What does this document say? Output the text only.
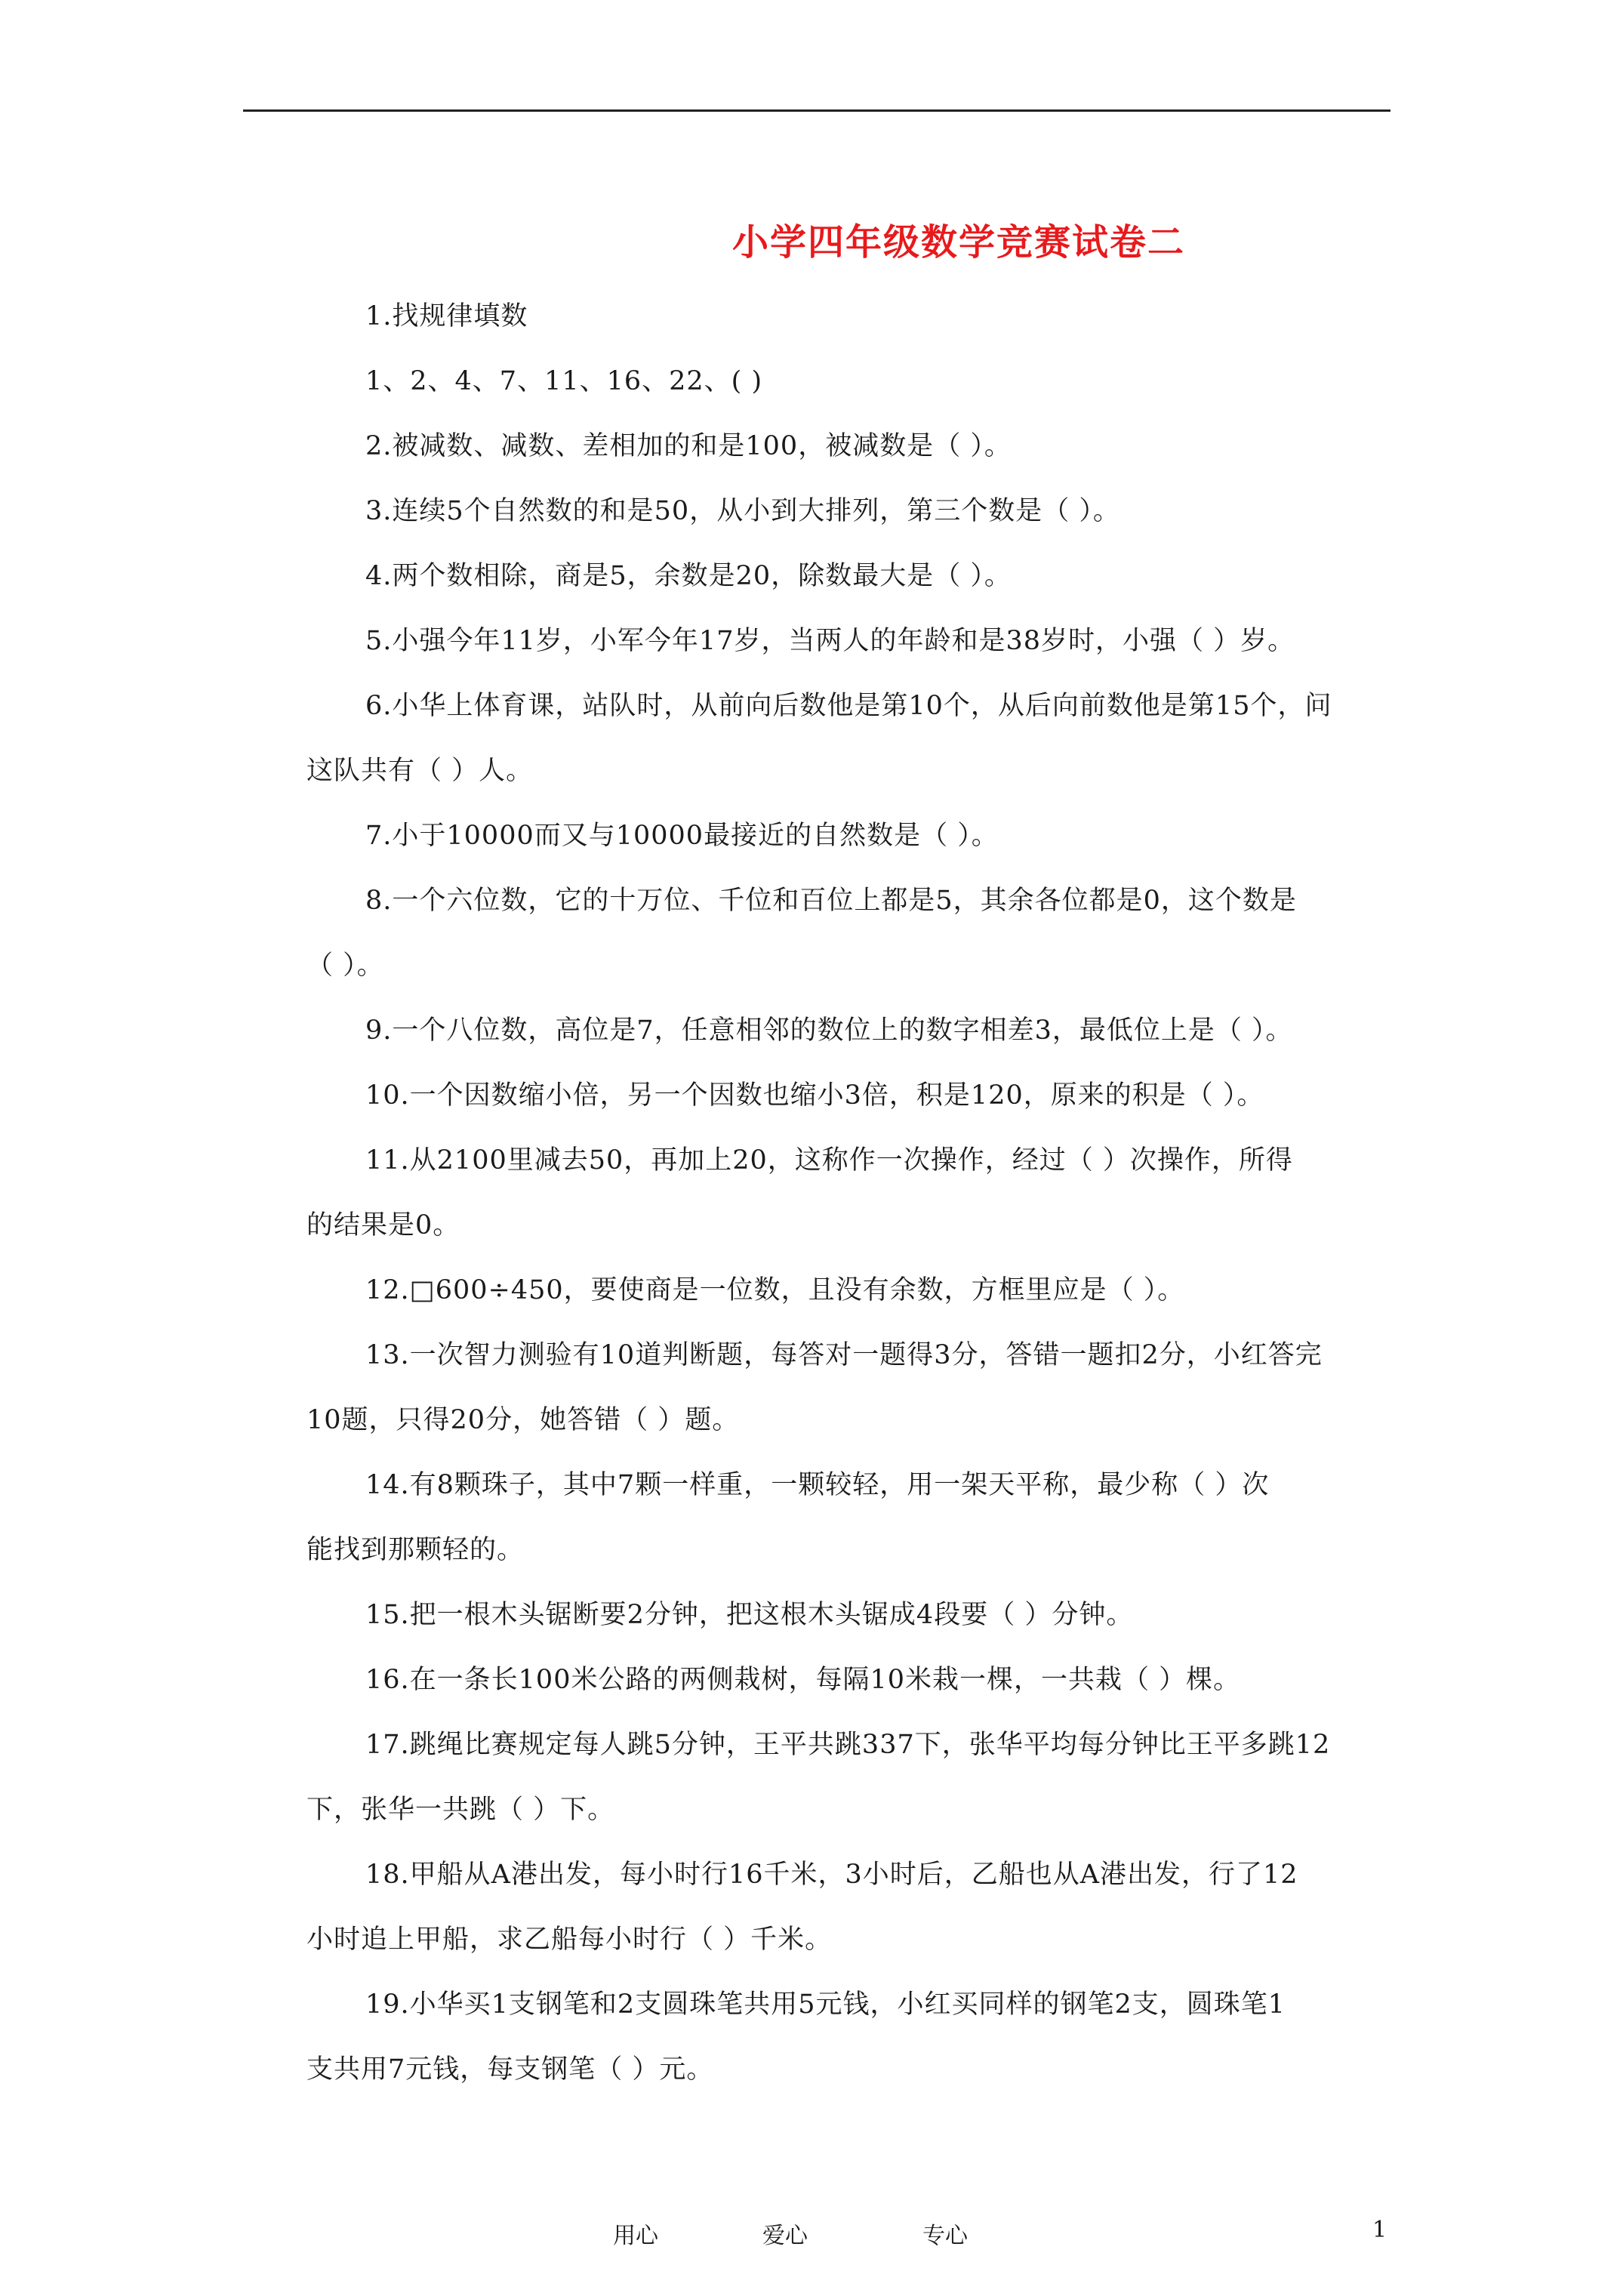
小学四年级数学竞赛试卷二
1.找规律填数
1、2、4、7、11、16、22、( )
2.被减数、减数、差相加的和是100，被减数是（ ）。
3.连续5个自然数的和是50，从小到大排列，第三个数是（ ）。
4.两个数相除，商是5，余数是20，除数最大是（ ）。
5.小强今年11岁，小军今年17岁，当两人的年龄和是38岁时，小强（ ）岁。
6.小华上体育课，站队时，从前向后数他是第10个，从后向前数他是第15个，问
这队共有（ ）人。
7.小于10000而又与10000最接近的自然数是（ ）。
8.一个六位数，它的十万位、千位和百位上都是5，其余各位都是0，这个数是
（ ）。
9.一个八位数，高位是7，任意相邻的数位上的数字相差3，最低位上是（ ）。
10.一个因数缩小倍，另一个因数也缩小3倍，积是120，原来的积是（ ）。
11.从2100里减去50，再加上20，这称作一次操作，经过（ ）次操作，所得
的结果是0。
12.□600÷450，要使商是一位数，且没有余数，方框里应是（ ）。
13.一次智力测验有10道判断题，每答对一题得3分，答错一题扣2分，小红答完
10题，只得20分，她答错（ ）题。
14.有8颗珠子，其中7颗一样重，一颗较轻，用一架天平称，最少称（ ）次
能找到那颗轻的。
15.把一根木头锯断要2分钟，把这根木头锯成4段要（ ）分钟。
16.在一条长100米公路的两侧栽树，每隔10米栽一棵，一共栽（ ）棵。
17.跳绳比赛规定每人跳5分钟，王平共跳337下，张华平均每分钟比王平多跳12
下，张华一共跳（ ）下。
18.甲船从A港出发，每小时行16千米，3小时后，乙船也从A港出发，行了12
小时追上甲船，求乙船每小时行（ ）千米。
19.小华买1支钢笔和2支圆珠笔共用5元钱，小红买同样的钢笔2支，圆珠笔1
支共用7元钱，每支钢笔（ ）元。
用心	爱心	专心	1
